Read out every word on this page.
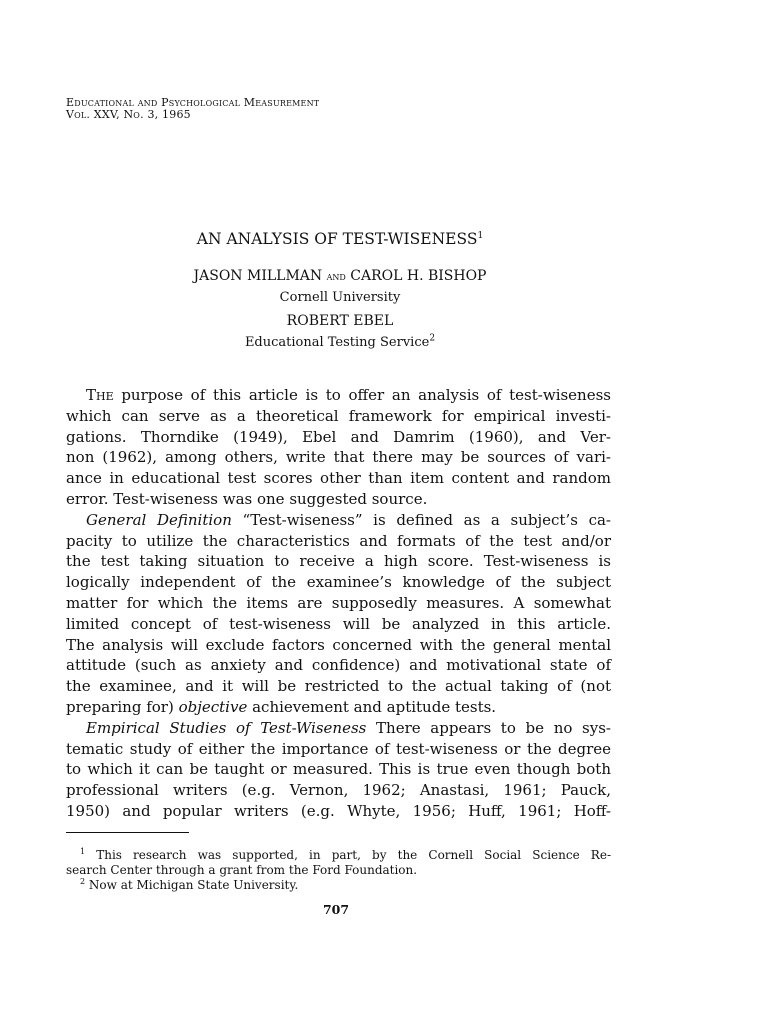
Educational and Psychological Measurement
Vol. XXV, No. 3, 1965
AN ANALYSIS OF TEST-WISENESS$^1$
JASON MILLMAN and CAROL H. BISHOP
Cornell University
ROBERT EBEL
Educational Testing Service$^2$
The purpose of this article is to offer an analysis of test-wiseness
which can serve as a theoretical framework for empirical investi-
gations. Thorndike (1949), Ebel and Damrim (1960), and Ver-
non (1962), among others, write that there may be sources of vari-
ance in educational test scores other than item content and random
error. Test-wiseness was one suggested source.
General Definition “Test-wiseness” is defined as a subject’s ca-
pacity to utilize the characteristics and formats of the test and/or
the test taking situation to receive a high score. Test-wiseness is
logically independent of the examinee’s knowledge of the subject
matter for which the items are supposedly measures. A somewhat
limited concept of test-wiseness will be analyzed in this article.
The analysis will exclude factors concerned with the general mental
attitude (such as anxiety and confidence) and motivational state of
the examinee, and it will be restricted to the actual taking of (not
preparing for) objective achievement and aptitude tests.
Empirical Studies of Test-Wiseness There appears to be no sys-
tematic study of either the importance of test-wiseness or the degree
to which it can be taught or measured. This is true even though both
professional writers (e.g. Vernon, 1962; Anastasi, 1961; Pauck,
1950) and popular writers (e.g. Whyte, 1956; Huff, 1961; Hoff-
$^1$ This research was supported, in part, by the Cornell Social Science Re-
search Center through a grant from the Ford Foundation.
$^2$ Now at Michigan State University.
707
